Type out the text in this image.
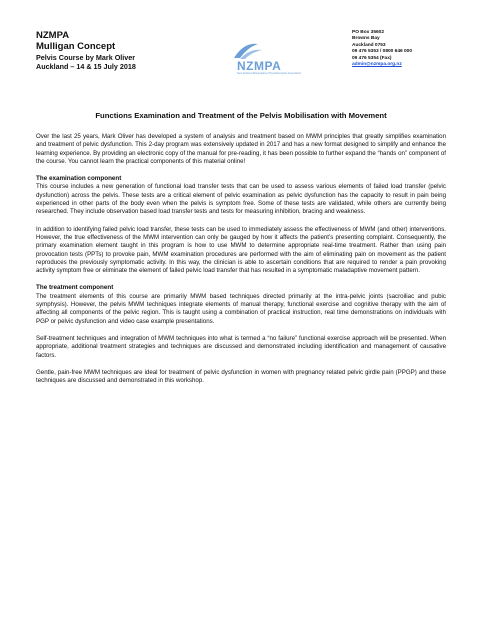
NZMPA
Mulligan Concept
Pelvis Course by Mark Oliver
Auckland – 14 & 15 July 2018	NZMPA
New Zealand Manipulative Physiotherapists Association
PO Box 35602
Browns Bay
Auckland 0753
09 476 5353 / 0800 646 000
09 476 5354 (Fax)
admin@nzmpa.org.nz
Functions Examination and Treatment of the Pelvis Mobilisation with Movement

Over the last 25 years, Mark Oliver has developed a system of analysis and treatment based on MWM principles that greatly simplifies examination and treatment of pelvic dysfunction. This 2-day program was extensively updated in 2017 and has a new format designed to simplify and enhance the learning experience. By providing an electronic copy of the manual for pre-reading, it has been possible to further expand the “hands on” component of the course. You cannot learn the practical components of this material online!

The examination component

This course includes a new generation of functional load transfer tests that can be used to assess various elements of failed load transfer (pelvic dysfunction) across the pelvis. These tests are a critical element of pelvic examination as pelvic dysfunction has the capacity to result in pain being experienced in other parts of the body even when the pelvis is symptom free. Some of these tests are validated, while others are currently being researched. They include observation based load transfer tests and tests for measuring inhibition, bracing and weakness.

In addition to identifying failed pelvic load transfer, these tests can be used to immediately assess the effectiveness of MWM (and other) interventions. However, the true effectiveness of the MWM intervention can only be gauged by how it affects the patient’s presenting complaint. Consequently, the primary examination element taught in this program is how to use MWM to determine appropriate real-time treatment. Rather than using pain provocation tests (PPTs) to provoke pain, MWM examination procedures are performed with the aim of eliminating pain on movement as the patient reproduces the previously symptomatic activity. In this way, the clinician is able to ascertain conditions that are required to render a pain provoking activity symptom free or eliminate the element of failed pelvic load transfer that has resulted in a symptomatic maladaptive movement pattern.

The treatment component

The treatment elements of this course are primarily MWM based techniques directed primarily at the intra-pelvic joints (sacroiliac and pubic symphysis). However, the pelvis MWM techniques integrate elements of manual therapy, functional exercise and cognitive therapy with the aim of affecting all components of the pelvic region. This is taught using a combination of practical instruction, real time demonstrations on individuals with PGP or pelvic dysfunction and video case example presentations.

Self-treatment techniques and integration of MWM techniques into what is termed a “no failure” functional exercise approach will be presented. When appropriate, additional treatment strategies and techniques are discussed and demonstrated including identification and management of causative factors.

Gentle, pain-free MWM techniques are ideal for treatment of pelvic dysfunction in women with pregnancy related pelvic girdle pain (PPGP) and these techniques are discussed and demonstrated in this workshop.
